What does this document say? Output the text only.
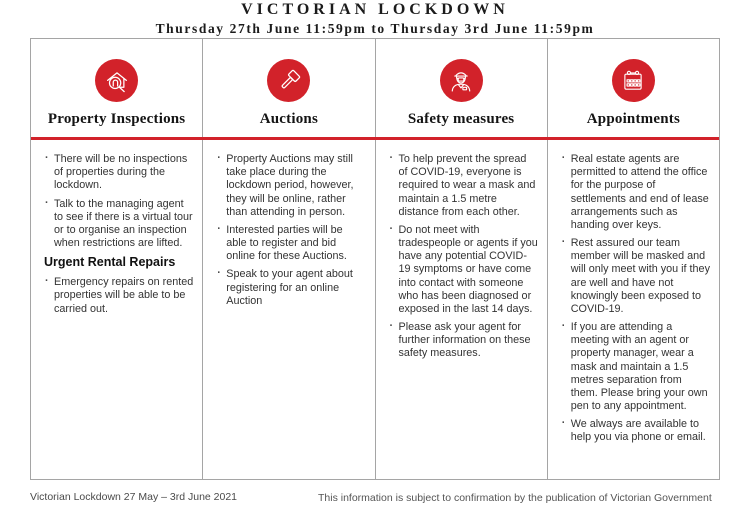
VICTORIAN LOCKDOWN
Thursday 27th June 11:59pm to Thursday 3rd June 11:59pm
Property Inspections
· There will be no inspections of properties during the lockdown.
· Talk to the managing agent to see if there is a virtual tour or to organise an inspection when restrictions are lifted.
Urgent Rental Repairs
· Emergency repairs on rented properties will be able to be carried out.
Auctions
· Property Auctions may still take place during the lockdown period, however, they will be online, rather than attending in person.
· Interested parties will be able to register and bid online for these Auctions.
· Speak to your agent about registering for an online Auction
Safety measures
· To help prevent the spread of COVID-19, everyone is required to wear a mask and maintain a 1.5 metre distance from each other.
· Do not meet with tradespeople or agents if you have any potential COVID-19 symptoms or have come into contact with someone who has been diagnosed or exposed in the last 14 days.
· Please ask your agent for further information on these safety measures.
Appointments
· Real estate agents are permitted to attend the office for the purpose of settlements and end of lease arrangements such as handing over keys.
· Rest assured our team member will be masked and will only meet with you if they are well and have not knowingly been exposed to COVID-19.
· If you are attending a meeting with an agent or property manager, wear a mask and maintain a 1.5 metres separation from them. Please bring your own pen to any appointment.
· We always are available to help you via phone or email.
Victorian Lockdown 27 May – 3rd June 2021	This information is subject to confirmation by the publication of Victorian Government
